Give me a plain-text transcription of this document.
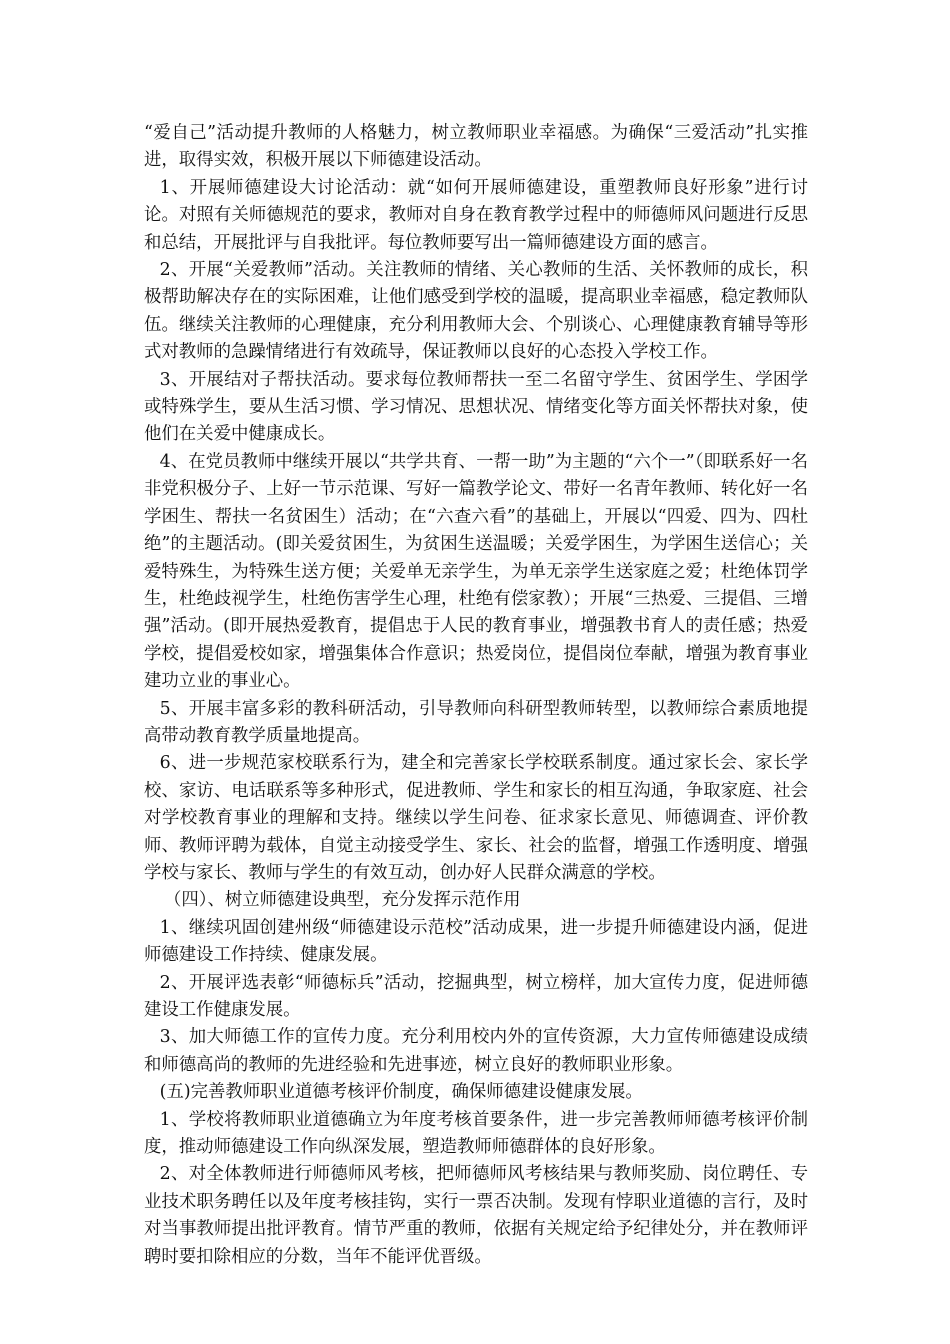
“爱自己”活动提升教师的人格魅力，树立教师职业幸福感。为确保“三爱活动”扎实推进，取得实效，积极开展以下师德建设活动。

1、开展师德建设大讨论活动：就“如何开展师德建设，重塑教师良好形象”进行讨论。对照有关师德规范的要求，教师对自身在教育教学过程中的师德师风问题进行反思和总结，开展批评与自我批评。每位教师要写出一篇师德建设方面的感言。

2、开展“关爱教师”活动。关注教师的情绪、关心教师的生活、关怀教师的成长，积极帮助解决存在的实际困难，让他们感受到学校的温暖，提高职业幸福感，稳定教师队伍。继续关注教师的心理健康，充分利用教师大会、个别谈心、心理健康教育辅导等形式对教师的急躁情绪进行有效疏导，保证教师以良好的心态投入学校工作。

3、开展结对子帮扶活动。要求每位教师帮扶一至二名留守学生、贫困学生、学困学或特殊学生，要从生活习惯、学习情况、思想状况、情绪变化等方面关怀帮扶对象，使他们在关爱中健康成长。

4、在党员教师中继续开展以“共学共育、一帮一助”为主题的“六个一”（即联系好一名非党积极分子、上好一节示范课、写好一篇教学论文、带好一名青年教师、转化好一名学困生、帮扶一名贫困生）活动；在“六查六看”的基础上，开展以“四爱、四为、四杜绝”的主题活动。(即关爱贫困生，为贫困生送温暖；关爱学困生，为学困生送信心；关爱特殊生，为特殊生送方便；关爱单无亲学生，为单无亲学生送家庭之爱；杜绝体罚学生，杜绝歧视学生，杜绝伤害学生心理，杜绝有偿家教）；开展“三热爱、三提倡、三增强”活动。(即开展热爱教育，提倡忠于人民的教育事业，增强教书育人的责任感；热爱学校，提倡爱校如家，增强集体合作意识；热爱岗位，提倡岗位奉献，增强为教育事业建功立业的事业心。

5、开展丰富多彩的教科研活动，引导教师向科研型教师转型，以教师综合素质地提高带动教育教学质量地提高。

6、进一步规范家校联系行为，建全和完善家长学校联系制度。通过家长会、家长学校、家访、电话联系等多种形式，促进教师、学生和家长的相互沟通，争取家庭、社会对学校教育事业的理解和支持。继续以学生问卷、征求家长意见、师德调查、评价教师、教师评聘为载体，自觉主动接受学生、家长、社会的监督，增强工作透明度、增强学校与家长、教师与学生的有效互动，创办好人民群众满意的学校。

（四）、树立师德建设典型，充分发挥示范作用

1、继续巩固创建州级“师德建设示范校”活动成果，进一步提升师德建设内涵，促进师德建设工作持续、健康发展。

2、开展评选表彰“师德标兵”活动，挖掘典型，树立榜样，加大宣传力度，促进师德建设工作健康发展。

3、加大师德工作的宣传力度。充分利用校内外的宣传资源，大力宣传师德建设成绩和师德高尚的教师的先进经验和先进事迹，树立良好的教师职业形象。

(五)完善教师职业道德考核评价制度，确保师德建设健康发展。

1、学校将教师职业道德确立为年度考核首要条件，进一步完善教师师德考核评价制度，推动师德建设工作向纵深发展，塑造教师师德群体的良好形象。

2、对全体教师进行师德师风考核，把师德师风考核结果与教师奖励、岗位聘任、专业技术职务聘任以及年度考核挂钩，实行一票否决制。发现有悖职业道德的言行，及时对当事教师提出批评教育。情节严重的教师，依据有关规定给予纪律处分，并在教师评聘时要扣除相应的分数，当年不能评优晋级。
